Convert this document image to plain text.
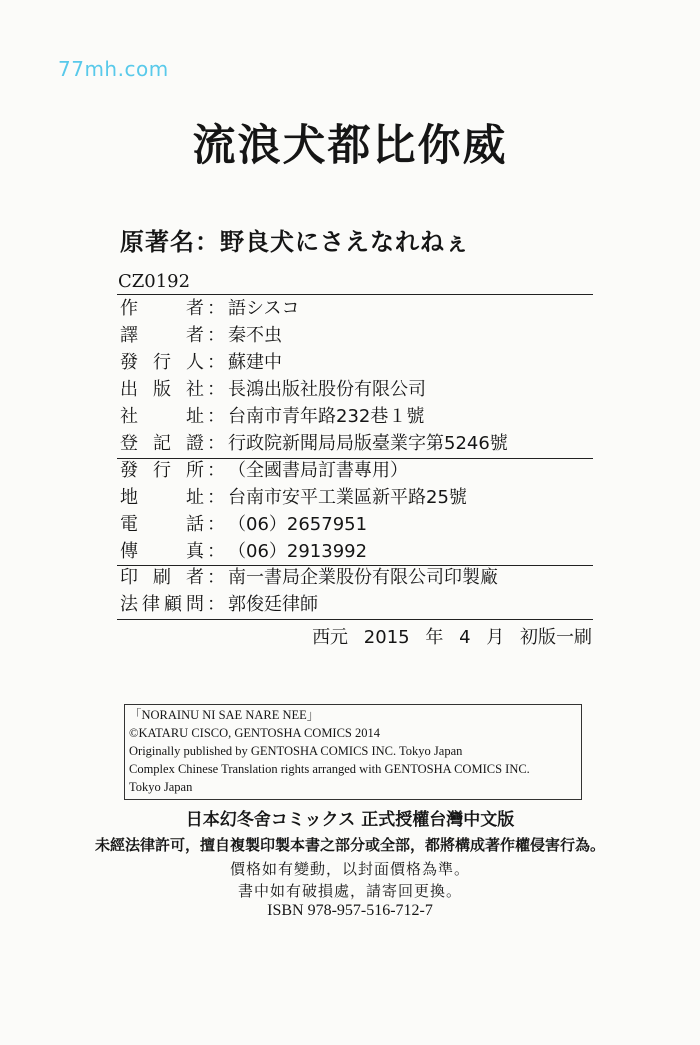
77mh.com
流浪犬都比你威
原著名：野良犬にさえなれねぇ
CZ0192
作	者 ： 語シスコ
譯	者 ： 秦不虫
發 行 人 ： 蘇建中
出 版 社 ： 長鴻出版社股份有限公司
社	址 ： 台南市青年路232巷１號
登 記 證 ： 行政院新聞局局版臺業字第5246號
發 行 所 ： （全國書局訂書專用）
地	址 ： 台南市安平工業區新平路25號
電	話 ： （06）2657951
傳	真 ： （06）2913992
印 刷 者 ： 南一書局企業股份有限公司印製廠
法 律 顧 問 ： 郭俊廷律師
西元 2015 年 4 月 初版一刷
「NORAINU NI SAE NARE NEE」
©KATARU CISCO, GENTOSHA COMICS 2014
Originally published by GENTOSHA COMICS INC. Tokyo Japan
Complex Chinese Translation rights arranged with GENTOSHA COMICS INC.
Tokyo Japan
日本幻冬舍コミックス 正式授權台灣中文版
未經法律許可，擅自複製印製本書之部分或全部，都將構成著作權侵害行為。
價格如有變動，以封面價格為準。
書中如有破損處，請寄回更換。
ISBN 978-957-516-712-7
